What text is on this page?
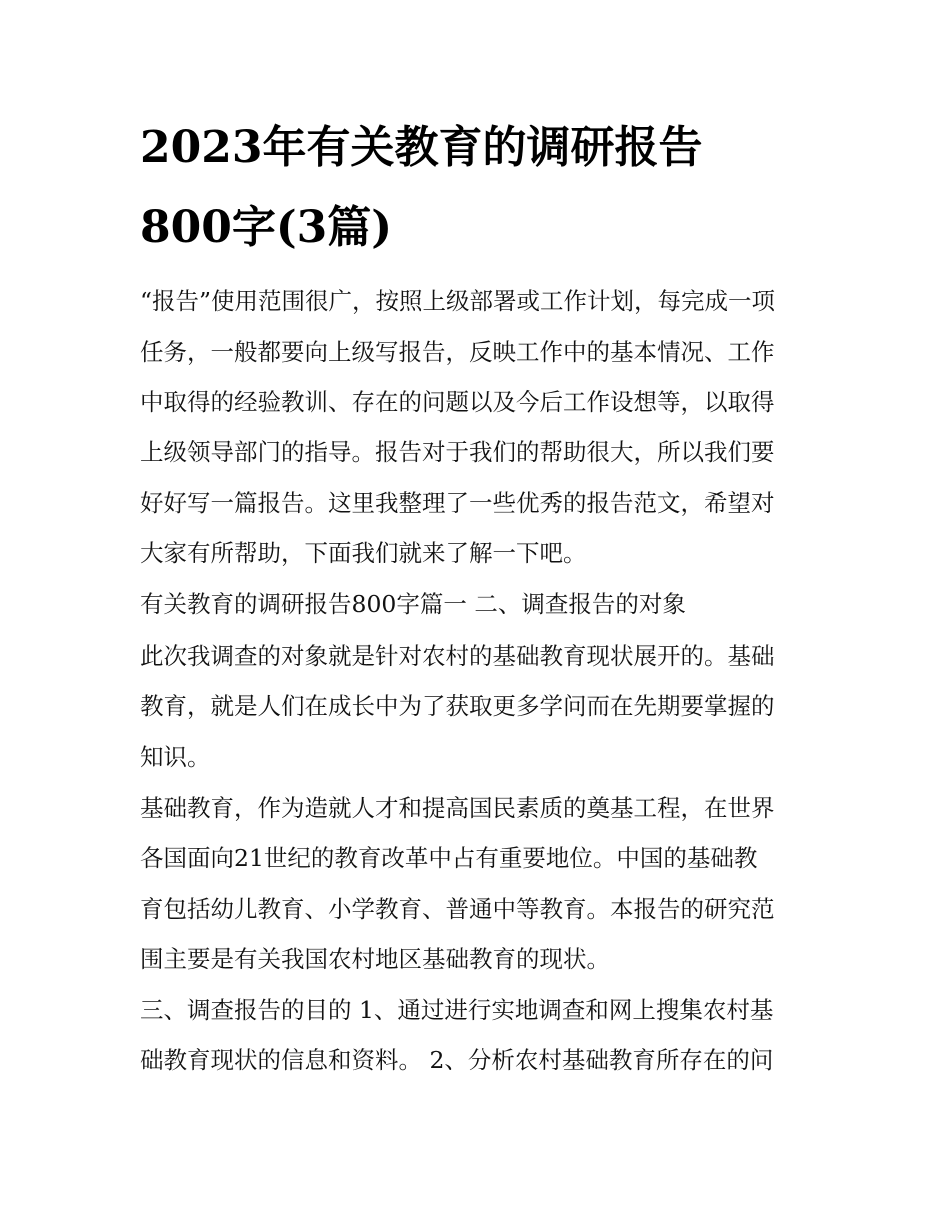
2023年有关教育的调研报告
800字(3篇)

“报告”使用范围很广，按照上级部署或工作计划，每完成一项

任务，一般都要向上级写报告，反映工作中的基本情况、工作

中取得的经验教训、存在的问题以及今后工作设想等，以取得

上级领导部门的指导。报告对于我们的帮助很大，所以我们要

好好写一篇报告。这里我整理了一些优秀的报告范文，希望对

大家有所帮助，下面我们就来了解一下吧。

有关教育的调研报告800字篇一 二、调查报告的对象

此次我调查的对象就是针对农村的基础教育现状展开的。基础

教育，就是人们在成长中为了获取更多学问而在先期要掌握的

知识。

基础教育，作为造就人才和提高国民素质的奠基工程，在世界

各国面向21世纪的教育改革中占有重要地位。中国的基础教

育包括幼儿教育、小学教育、普通中等教育。本报告的研究范

围主要是有关我国农村地区基础教育的现状。

三、调查报告的目的 1、通过进行实地调查和网上搜集农村基

础教育现状的信息和资料。 2、分析农村基础教育所存在的问
